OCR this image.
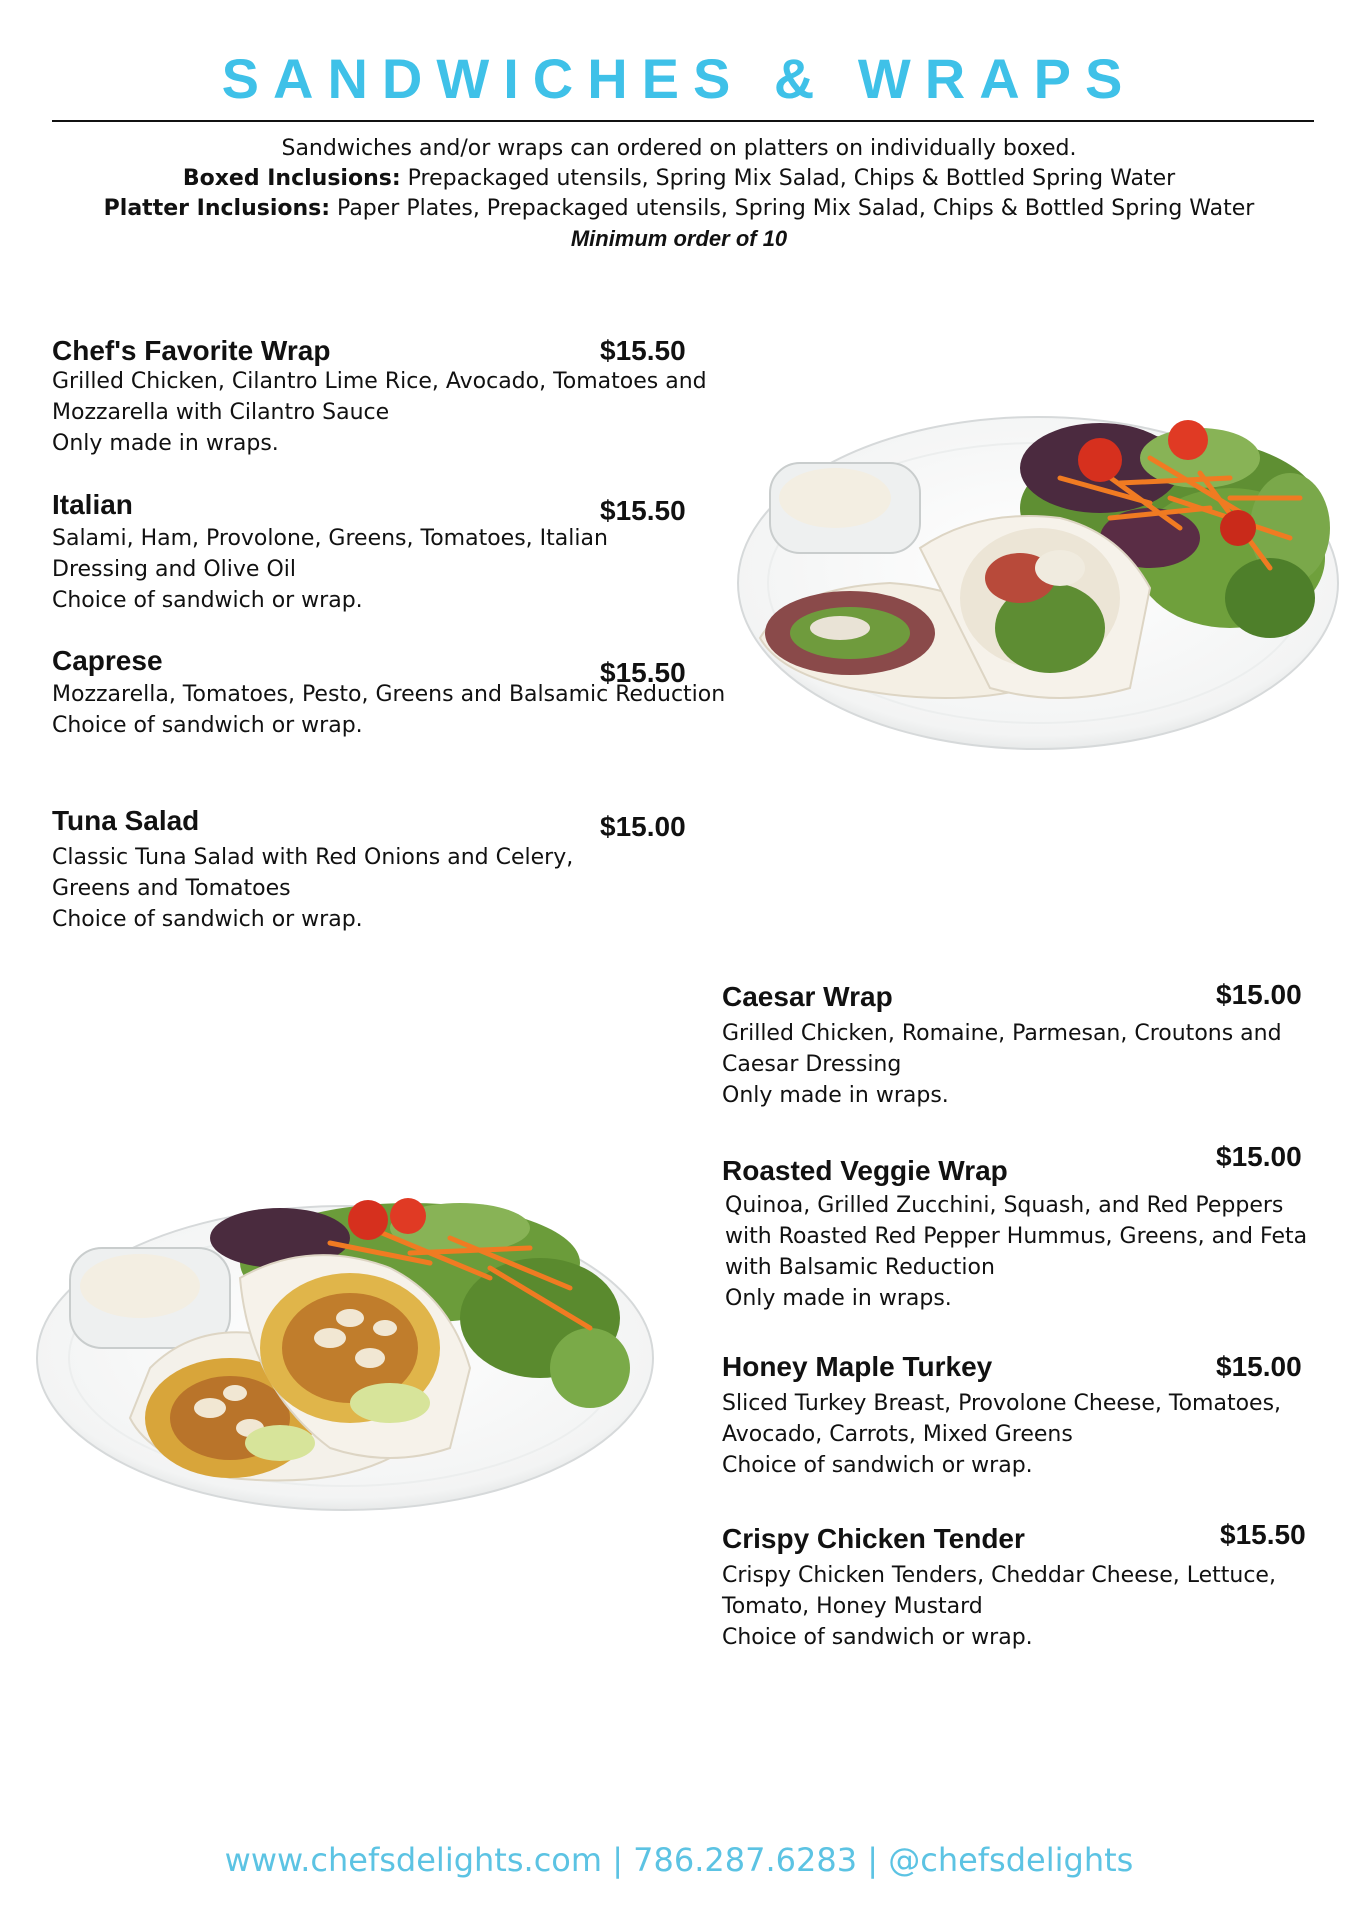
SANDWICHES & WRAPS
Sandwiches and/or wraps can ordered on platters on individually boxed.
Boxed Inclusions: Prepackaged utensils, Spring Mix Salad, Chips & Bottled Spring Water
Platter Inclusions: Paper Plates, Prepackaged utensils, Spring Mix Salad, Chips & Bottled Spring Water
Minimum order of 10
Chef's Favorite Wrap	$15.50
Grilled Chicken, Cilantro Lime Rice, Avocado, Tomatoes and
Mozzarella with Cilantro Sauce
Only made in wraps.
Italian	$15.50
Salami, Ham, Provolone, Greens, Tomatoes, Italian
Dressing and Olive Oil
Choice of sandwich or wrap.
Caprese	$15.50
Mozzarella, Tomatoes, Pesto, Greens and Balsamic Reduction
Choice of sandwich or wrap.
Tuna Salad	$15.00
Classic Tuna Salad with Red Onions and Celery,
Greens and Tomatoes
Choice of sandwich or wrap.
Caesar Wrap	$15.00
Grilled Chicken, Romaine, Parmesan, Croutons and
Caesar Dressing
Only made in wraps.
Roasted Veggie Wrap	$15.00
Quinoa, Grilled Zucchini, Squash, and Red Peppers
with Roasted Red Pepper Hummus, Greens, and Feta
with Balsamic Reduction
Only made in wraps.
Honey Maple Turkey	$15.00
Sliced Turkey Breast, Provolone Cheese, Tomatoes,
Avocado, Carrots, Mixed Greens
Choice of sandwich or wrap.
Crispy Chicken Tender	$15.50
Crispy Chicken Tenders, Cheddar Cheese, Lettuce,
Tomato, Honey Mustard
Choice of sandwich or wrap.
www.chefsdelights.com | 786.287.6283 | @chefsdelights
